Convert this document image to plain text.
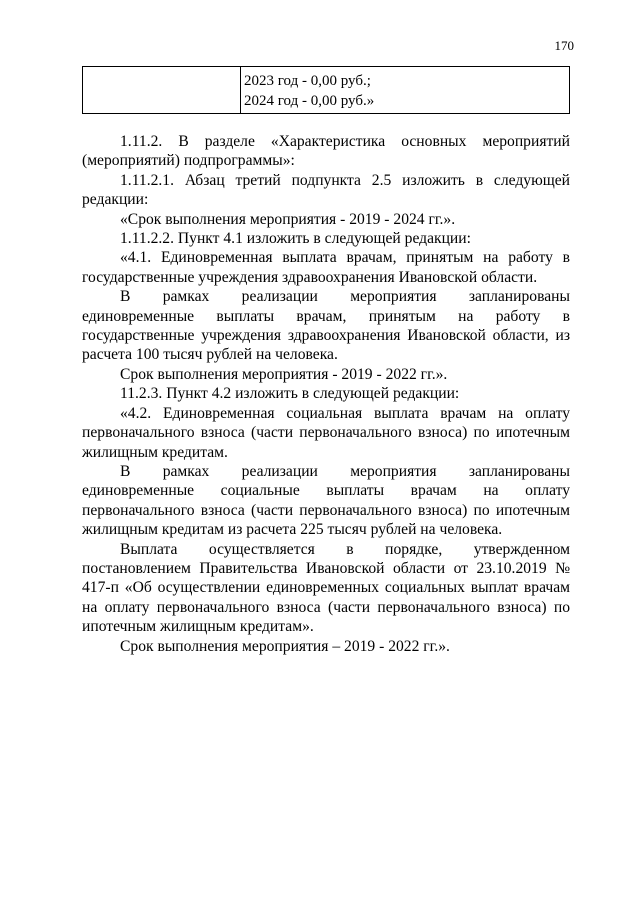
170

2023 год - 0,00 руб.;
2024 год - 0,00 руб.»

1.11.2. В разделе «Характеристика основных мероприятий (мероприятий) подпрограммы»:

1.11.2.1. Абзац третий подпункта 2.5 изложить в следующей редакции:

«Срок выполнения мероприятия - 2019 - 2024 гг.».

1.11.2.2. Пункт 4.1 изложить в следующей редакции:

«4.1. Единовременная выплата врачам, принятым на работу в государственные учреждения здравоохранения Ивановской области.

В рамках реализации мероприятия запланированы единовременные выплаты врачам, принятым на работу в государственные учреждения здравоохранения Ивановской области, из расчета 100 тысяч рублей на человека.

Срок выполнения мероприятия - 2019 - 2022 гг.».

11.2.3. Пункт 4.2 изложить в следующей редакции:

«4.2. Единовременная социальная выплата врачам на оплату первоначального взноса (части первоначального взноса) по ипотечным жилищным кредитам.

В рамках реализации мероприятия запланированы единовременные социальные выплаты врачам на оплату первоначального взноса (части первоначального взноса) по ипотечным жилищным кредитам из расчета 225 тысяч рублей на человека.

Выплата осуществляется в порядке, утвержденном постановлением Правительства Ивановской области от 23.10.2019 № 417-п «Об осуществлении единовременных социальных выплат врачам на оплату первоначального взноса (части первоначального взноса) по ипотечным жилищным кредитам».

Срок выполнения мероприятия – 2019 - 2022 гг.».
